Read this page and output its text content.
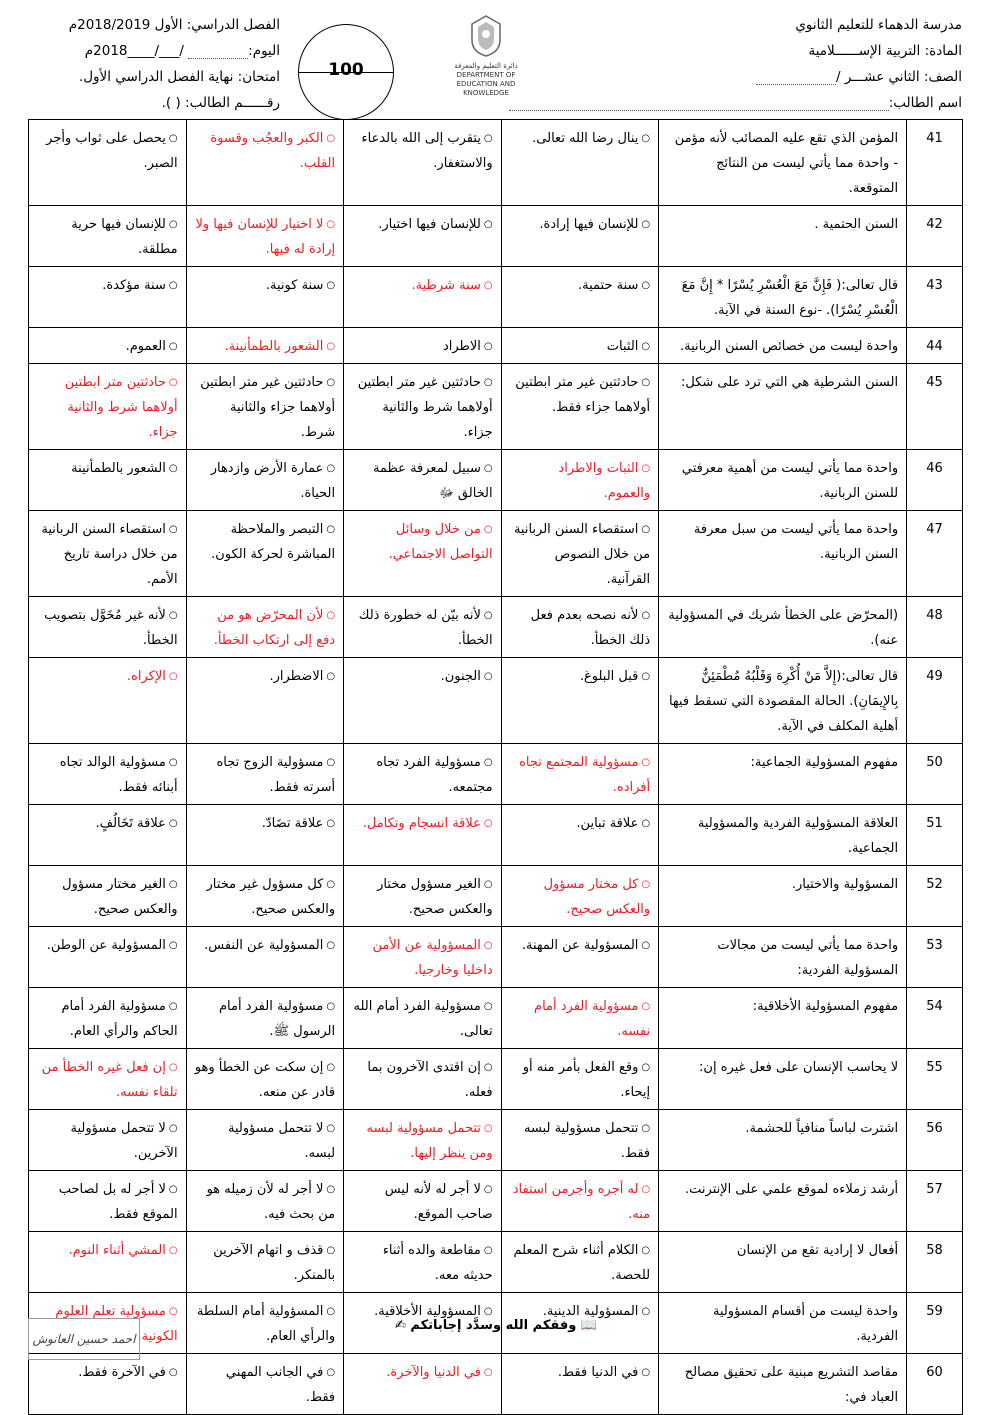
مدرسة الدهماء للتعليم الثانوي
المادة: التربية الإســــــلامية
الصف: الثاني عشـــر /
اسم الطالب:
دائرة التعليم والمعرفة
DEPARTMENT OF EDUCATION AND KNOWLEDGE
100
الفصل الدراسي: الأول 2018/2019م
اليوم: /___/____2018م
امتحان: نهاية الفصل الدراسي الأول.
رقــــــم الطالب: ( ).
41	المؤمن الذي تقع عليه المصائب لأنه مؤمن - واحدة مما يأتي ليست من النتائج المتوقعة.	○ينال رضا الله تعالى.	○يتقرب إلى الله بالدعاء والاستغفار.	○الكبر والعجُب وقسوة القلب.	○يحصل على ثواب وأجر الصبر.

42	السنن الحتمية .	○للإنسان فيها إرادة.	○للإنسان فيها اختيار.	○لا اختيار للإنسان فيها ولا إرادة له فيها.	○للإنسان فيها حرية مطلقة.

43	قال تعالى:( فَإِنَّ مَعَ الْعُسْرِ يُسْرًا * إِنَّ مَعَ الْعُسْرِ يُسْرًا). -نوع السنة في الآية.	○سنة حتمية.	○سنة شرطية.	○سنة كونية.	○سنة مؤكدة.

44	واحدة ليست من خصائص السنن الربانية.	○الثبات	○الاطراد	○الشعور بالطمأنينة.	○العموم.

45	السنن الشرطية هي التي ترد على شكل:	○حادثتين غير متر ابطتين أولاهما جزاء فقط.	○حادثتين غير متر ابطتين أولاهما شرط والثانية جزاء.	○حادثتين غير متر ابطتين أولاهما جزاء والثانية شرط.	○حادثتين متر ابطتين أولاهما شرط والثانية جزاء.

46	واحدة مما يأتي ليست من أهمية معرفتي للسنن الربانية.	○الثبات والاطراد والعموم.	○سبيل لمعرفة عظمة الخالق ﷻ	○عمارة الأرض وازدهار الحياة.	○الشعور بالطمأنينة

47	واحدة مما يأتي ليست من سبل معرفة السنن الربانية.	○استقصاء السنن الربانية من خلال النصوص القرآنية.	○من خلال وسائل التواصل الاجتماعي.	○التبصر والملاحظة المباشرة لحركة الكون.	○استقصاء السنن الربانية من خلال دراسة تاريخ الأمم.

48	(المحرّض على الخطأ شريك في المسؤولية عنه).	○لأنه نصحه بعدم فعل ذلك الخطأ.	○لأنه بيّن له خطورة ذلك الخطأ.	○لأن المحرّض هو من دفع إلى ارتكاب الخطأ.	○لأنه غير مُخَوَّل بتصويب الخطأ.

49	قال تعالى:(إِلاَّ مَنْ أُكْرِهَ وَقَلْبُهُ مُطْمَئِنٌّ بِالإِيمَانِ). الحالة المقصودة التي تسقط فيها أهلية المكلف في الآية.	○قبل البلوغ.	○الجنون.	○الاضطرار.	○الإكراه.

50	مفهوم المسؤولية الجماعية:	○مسؤولية المجتمع تجاه أفراده.	○مسؤولية الفرد تجاه مجتمعه.	○مسؤولية الزوج تجاه أسرته فقط.	○مسؤولية الوالد تجاه أبنائه فقط.

51	العلاقة المسؤولية الفردية والمسؤولية الجماعية.	○علاقة تباين.	○علاقة انسجام وتكامل.	○علاقة تضَادّ.	○علاقة تَخَالُفٍ.

52	المسؤولية والاختيار.	○كل مختار مسؤول والعكس صحيح.	○الغير مسؤول مختار والعكس صحيح.	○كل مسؤول غير مختار والعكس صحيح.	○الغير مختار مسؤول والعكس صحيح.

53	واحدة مما يأتي ليست من مجالات المسؤولية الفردية:	○المسؤولية عن المهنة.	○المسؤولية عن الأمن داخليا وخارجيا.	○المسؤولية عن النفس.	○المسؤولية عن الوطن.

54	مفهوم المسؤولية الأخلاقية:	○مسؤولية الفرد أمام نفسه.	○مسؤولية الفرد أمام الله تعالى.	○مسؤولية الفرد أمام الرسول ﷺ.	○مسؤولية الفرد أمام الحاكم والرأي العام.

55	لا يحاسب الإنسان على فعل غيره إن:	○وقع الفعل بأمر منه أو إيحاء.	○إن اقتدى الآخرون بما فعله.	○إن سكت عن الخطأ وهو قادر عن منعه.	○إن فعل غيره الخطأ من تلقاء نفسه.

56	اشترت لباساً منافياً للحشمة.	○تتحمل مسؤولية لبسه فقط.	○تتحمل مسؤولية لبسه ومن ينظر إليها.	○لا تتحمل مسؤولية لبسه.	○لا تتحمل مسؤولية الآخرين.

57	أرشد زملاءه لموقع علمي على الإنترنت.	○له أجره وأجرمن استفاد منه.	○لا أجر له لأنه ليس صاحب الموقع.	○لا أجر له لأن زميله هو من بحث فيه.	○لا أجر له بل لصاحب الموقع فقط.

58	أفعال لا إرادية تقع من الإنسان	○الكلام أثناء شرح المعلم للحصة.	○مقاطعة والده أثناء حديثه معه.	○قذف و اتهام الآخرين بالمنكر.	○المشي أثناء النوم.

59	واحدة ليست من أقسام المسؤولية الفردية.	○المسؤولية الدينية.	○المسؤولية الأخلاقية.	○المسؤولية أمام السلطة والرأي العام.	○مسؤولية تعلم العلوم الكونية.

60	مقاصد التشريع مبنية على تحقيق مصالح العباد في:	○في الدنيا فقط.	○في الدنيا والآخرة.	○في الجانب المهني فقط.	○في الآخرة فقط.
احمد حسين العانوش
📖 وفقكم الله وسدَّد إجاباتكم ✍
